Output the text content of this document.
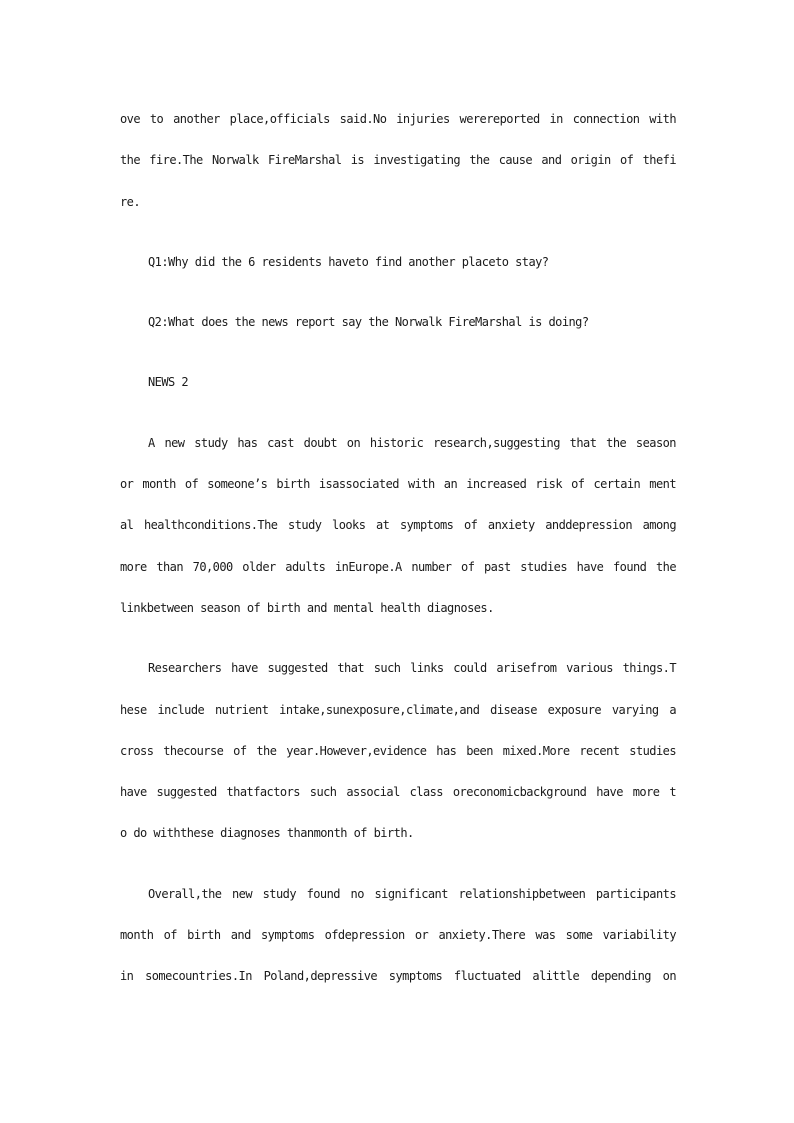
ove to another place,officials said.No injuries werereported in connection with
the fire.The Norwalk FireMarshal is investigating the cause and origin of thefi
re.
Q1:Why did the 6 residents haveto find another placeto stay?
Q2:What does the news report say the Norwalk FireMarshal is doing?
NEWS 2
A new study has cast doubt on historic research,suggesting that the season
or month of someone’s birth isassociated with an increased risk of certain ment
al healthconditions.The study looks at symptoms of anxiety anddepression among
more than 70,000 older adults inEurope.A number of past studies have found the
linkbetween season of birth and mental health diagnoses.
Researchers have suggested that such links could arisefrom various things.T
hese include nutrient intake,sunexposure,climate,and disease exposure varying a
cross thecourse of the year.However,evidence has been mixed.More recent studies
have suggested thatfactors such associal class oreconomicbackground have more t
o do withthese diagnoses thanmonth of birth.
Overall,the new study found no significant relationshipbetween participants
month of birth and symptoms ofdepression or anxiety.There was some variability
in somecountries.In Poland,depressive symptoms fluctuated alittle depending on
